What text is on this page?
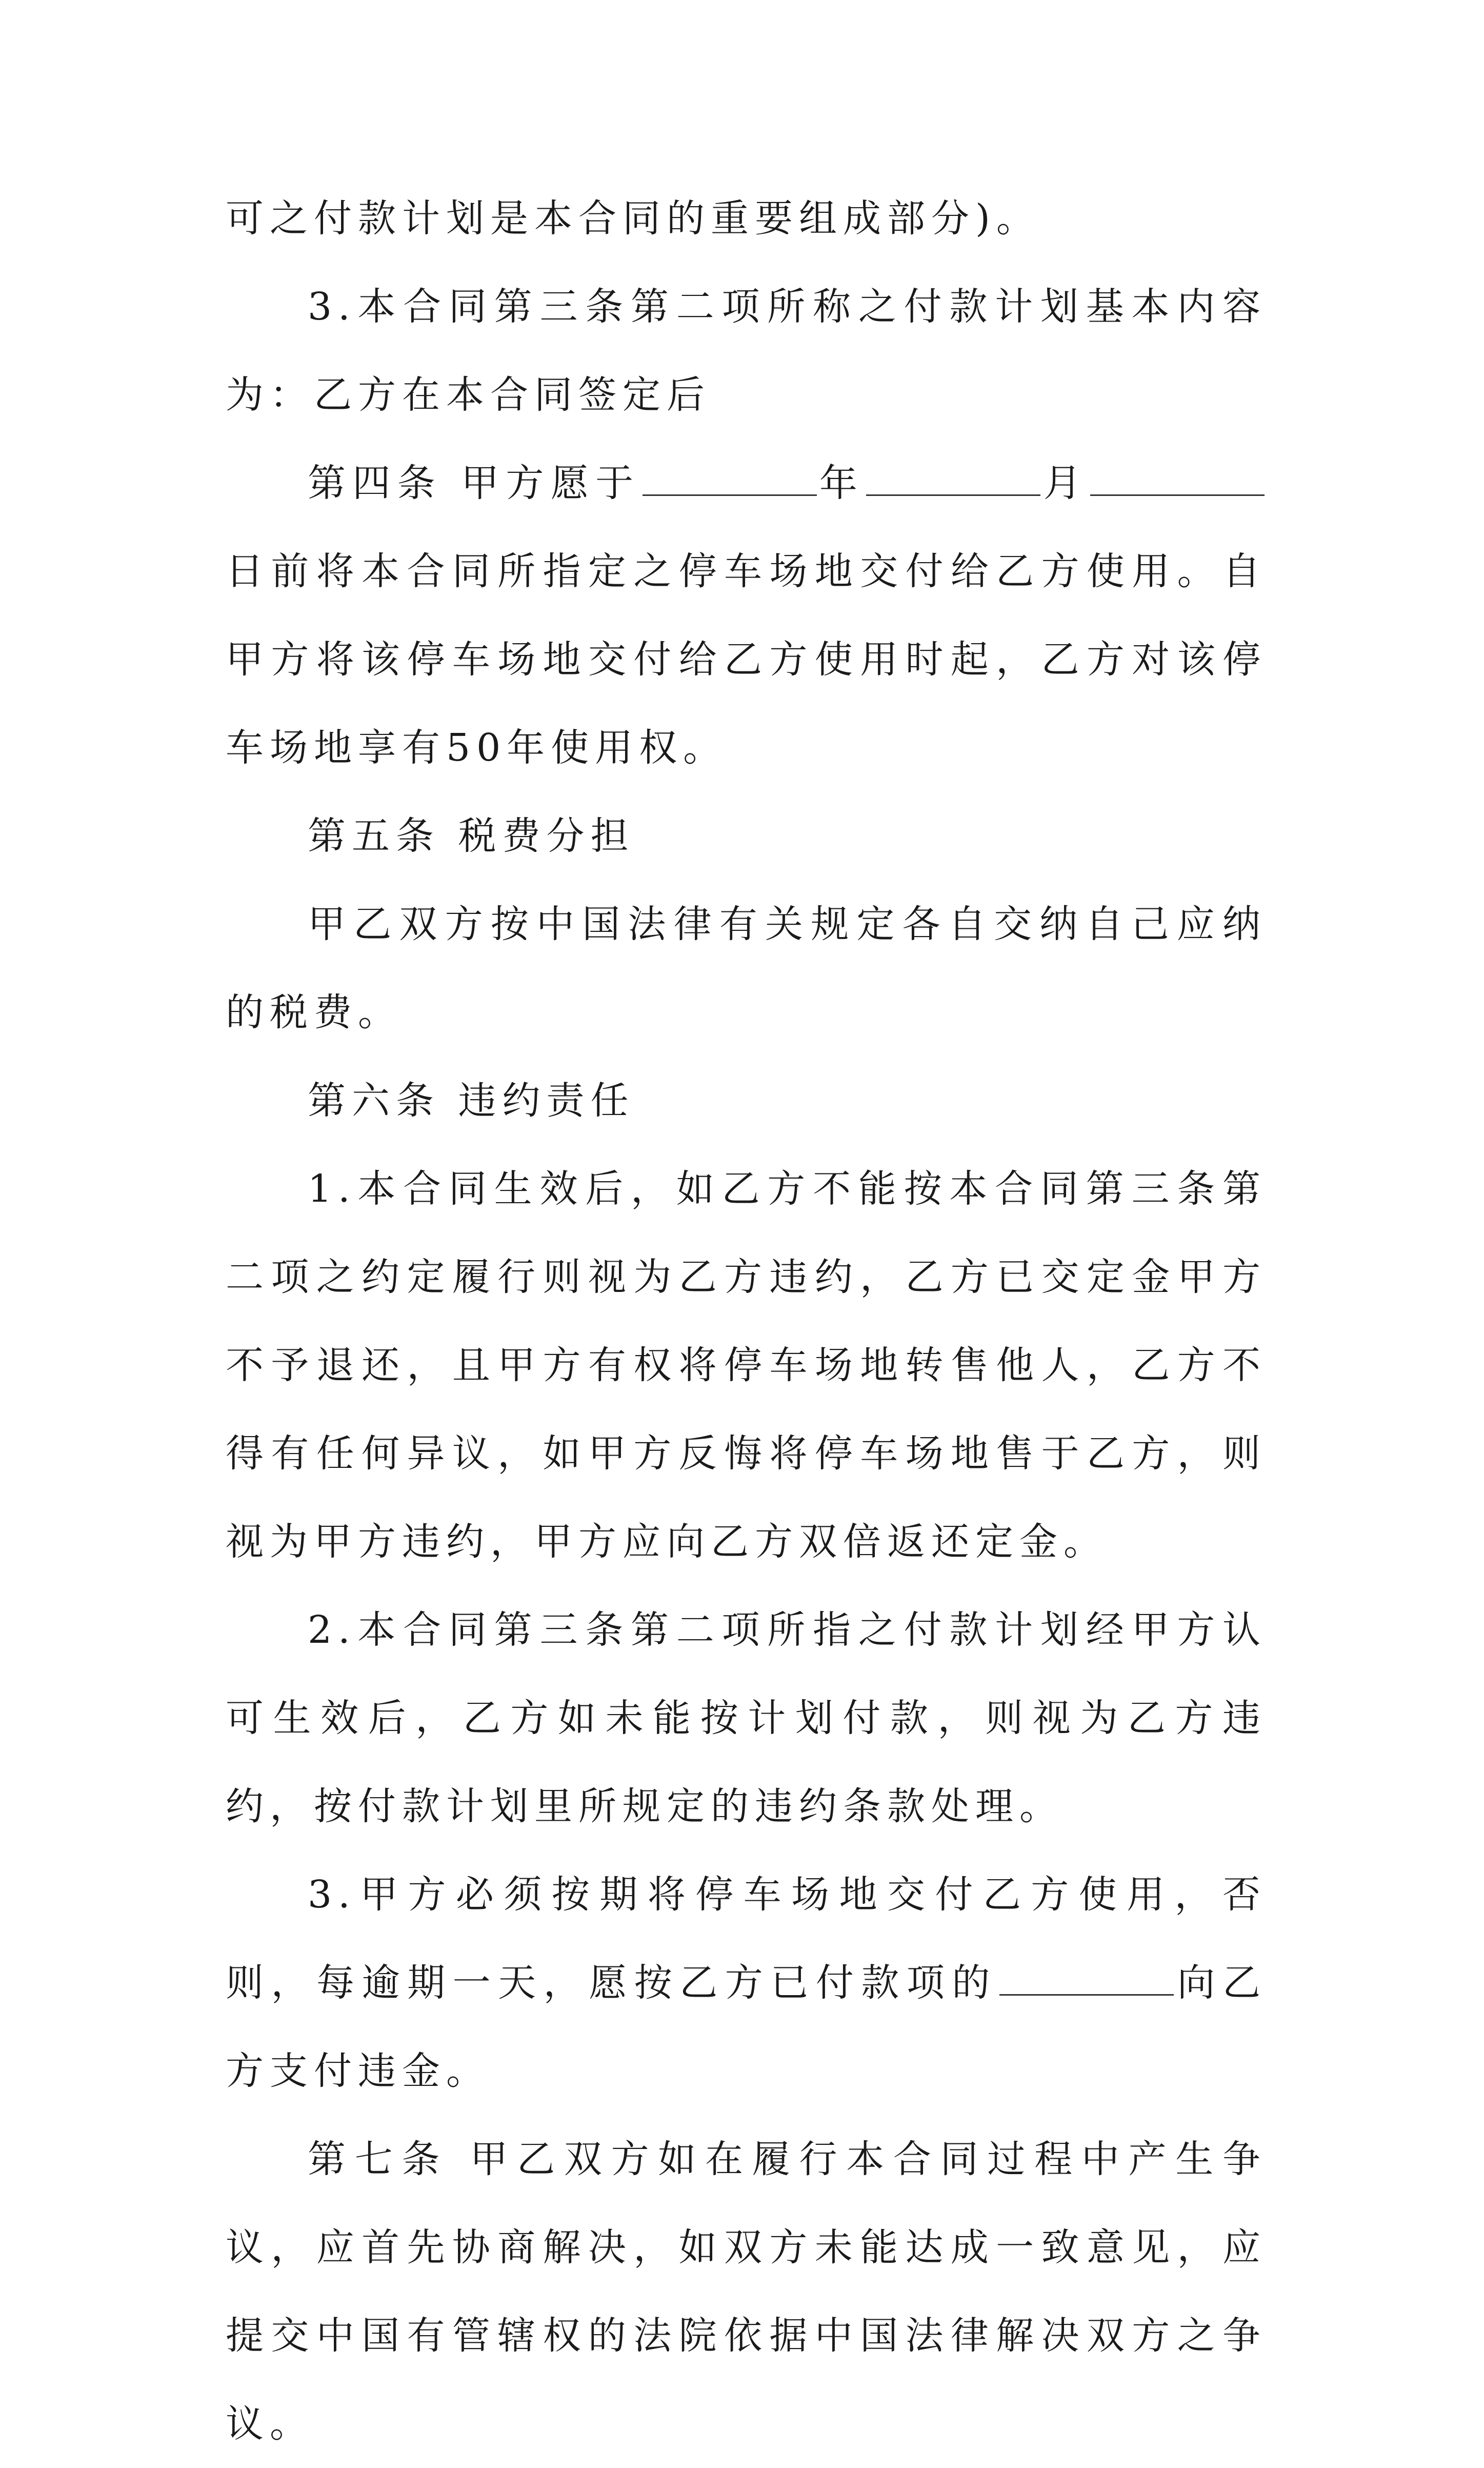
可之付款计划是本合同的重要组成部分)。

3.本合同第三条第二项所称之付款计划基本内容为：乙方在本合同签定后

第四条 甲方愿于	年	月日前将本合同所指定之停车场地交付给乙方使用。自甲方将该停车场地交付给乙方使用时起，乙方对该停车场地享有50年使用权。

第五条 税费分担

甲乙双方按中国法律有关规定各自交纳自己应纳的税费。

第六条 违约责任

1.本合同生效后，如乙方不能按本合同第三条第二项之约定履行则视为乙方违约，乙方已交定金甲方不予退还，且甲方有权将停车场地转售他人，乙方不得有任何异议，如甲方反悔将停车场地售于乙方，则视为甲方违约，甲方应向乙方双倍返还定金。

2.本合同第三条第二项所指之付款计划经甲方认可生效后，乙方如未能按计划付款，则视为乙方违约，按付款计划里所规定的违约条款处理。

3.甲方必须按期将停车场地交付乙方使用，否则，每逾期一天，愿按乙方已付款项的	向乙方支付违金。

第七条 甲乙双方如在履行本合同过程中产生争议，应首先协商解决，如双方未能达成一致意见，应提交中国有管辖权的法院依据中国法律解决双方之争议。
